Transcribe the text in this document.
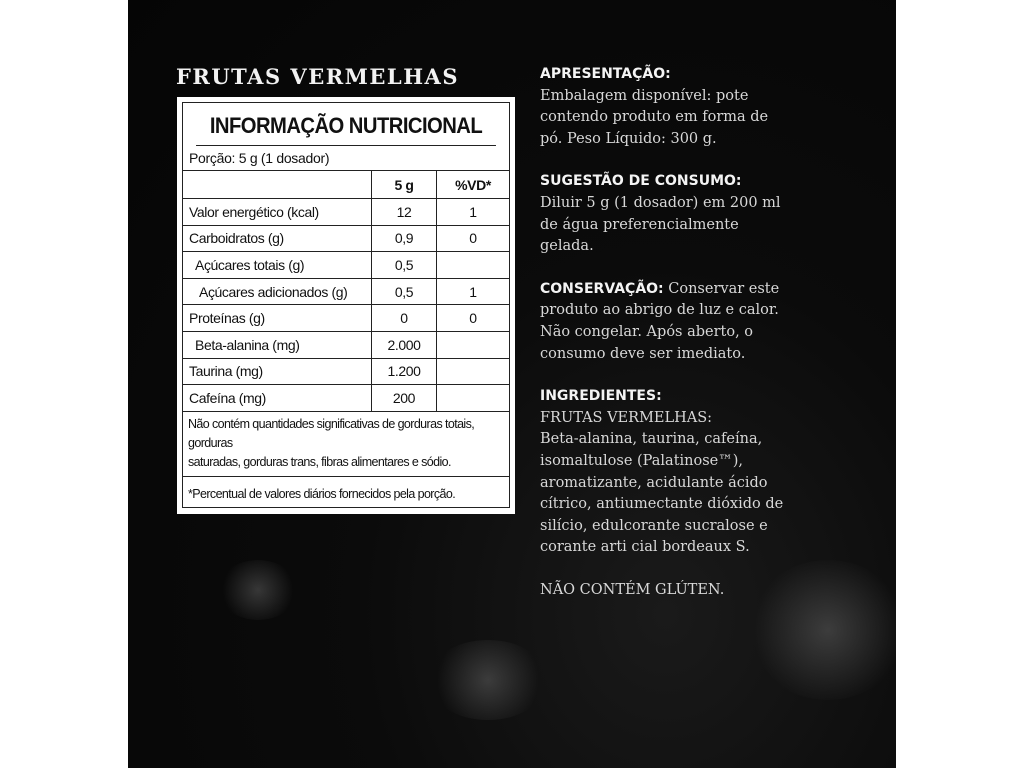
FRUTAS VERMELHAS
INFORMAÇÃO NUTRICIONAL
Porção: 5 g (1 dosador)
	5 g	%VD*
Valor energético (kcal)	12	1
Carboidratos (g)	0,9	0
Açúcares totais (g)	0,5	
Açúcares adicionados (g)	0,5	1
Proteínas (g)	0	0
Beta-alanina (mg)	2.000	
Taurina (mg)	1.200	
Cafeína (mg)	200	
Não contém quantidades significativas de gorduras totais, gorduras
saturadas, gorduras trans, fibras alimentares e sódio.
*Percentual de valores diários fornecidos pela porção.
APRESENTAÇÃO:
Embalagem disponível: pote
contendo produto em forma de
pó. Peso Líquido: 300 g.
SUGESTÃO DE CONSUMO:
Diluir 5 g (1 dosador) em 200 ml
de água preferencialmente
gelada.
CONSERVAÇÃO: Conservar este
produto ao abrigo de luz e calor.
Não congelar. Após aberto, o
consumo deve ser imediato.
INGREDIENTES:
FRUTAS VERMELHAS:
Beta-alanina, taurina, cafeína,
isomaltulose (Palatinose™),
aromatizante, acidulante ácido
cítrico, antiumectante dióxido de
silício, edulcorante sucralose e
corante arti cial bordeaux S.
NÃO CONTÉM GLÚTEN.
